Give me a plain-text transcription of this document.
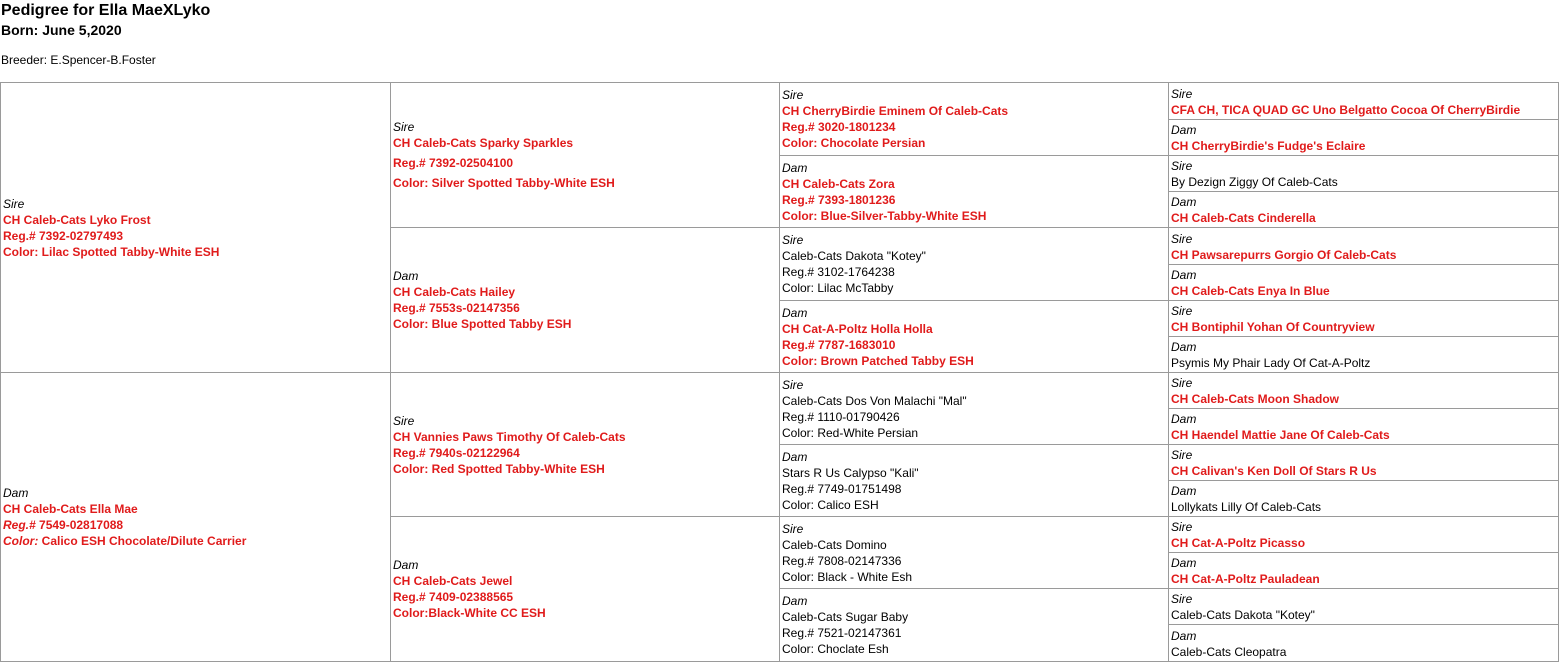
Pedigree for Ella MaeXLyko
Born: June 5,2020
Breeder: E.Spencer-B.Foster
Sire
CH Caleb-Cats Lyko Frost
Reg.# 7392-02797493
Color: Lilac Spotted Tabby-White ESH
Dam
CH Caleb-Cats Ella Mae
Reg.# 7549-02817088
Color: Calico ESH Chocolate/Dilute Carrier
Sire
CH Caleb-Cats Sparky Sparkles
Reg.# 7392-02504100
Color: Silver Spotted Tabby-White ESH
Dam
CH Caleb-Cats Hailey
Reg.# 7553s-02147356
Color: Blue Spotted Tabby ESH
Sire
CH Vannies Paws Timothy Of Caleb-Cats
Reg.# 7940s-02122964
Color: Red Spotted Tabby-White ESH
Dam
CH Caleb-Cats Jewel
Reg.# 7409-02388565
Color:Black-White CC ESH
Sire
CH CherryBirdie Eminem Of Caleb-Cats
Reg.# 3020-1801234
Color: Chocolate Persian
Dam
CH Caleb-Cats Zora
Reg.# 7393-1801236
Color: Blue-Silver-Tabby-White ESH
Sire
Caleb-Cats Dakota "Kotey"
Reg.# 3102-1764238
Color: Lilac McTabby
Dam
CH Cat-A-Poltz Holla Holla
Reg.# 7787-1683010
Color: Brown Patched Tabby ESH
Sire
Caleb-Cats Dos Von Malachi "Mal"
Reg.# 1110-01790426
Color: Red-White Persian
Dam
Stars R Us Calypso "Kali"
Reg.# 7749-01751498
Color: Calico ESH
Sire
Caleb-Cats Domino
Reg.# 7808-02147336
Color: Black - White Esh
Dam
Caleb-Cats Sugar Baby
Reg.# 7521-02147361
Color: Choclate Esh
Sire
CFA CH, TICA QUAD GC Uno Belgatto Cocoa Of CherryBirdie
Dam
CH CherryBirdie's Fudge's Eclaire
Sire
By Dezign Ziggy Of Caleb-Cats
Dam
CH Caleb-Cats Cinderella
Sire
CH Pawsarepurrs Gorgio Of Caleb-Cats
Dam
CH Caleb-Cats Enya In Blue
Sire
CH Bontiphil Yohan Of Countryview
Dam
Psymis My Phair Lady Of Cat-A-Poltz
Sire
CH Caleb-Cats Moon Shadow
Dam
CH Haendel Mattie Jane Of Caleb-Cats
Sire
CH Calivan's Ken Doll Of Stars R Us
Dam
Lollykats Lilly Of Caleb-Cats
Sire
CH Cat-A-Poltz Picasso
Dam
CH Cat-A-Poltz Pauladean
Sire
Caleb-Cats Dakota "Kotey"
Dam
Caleb-Cats Cleopatra
